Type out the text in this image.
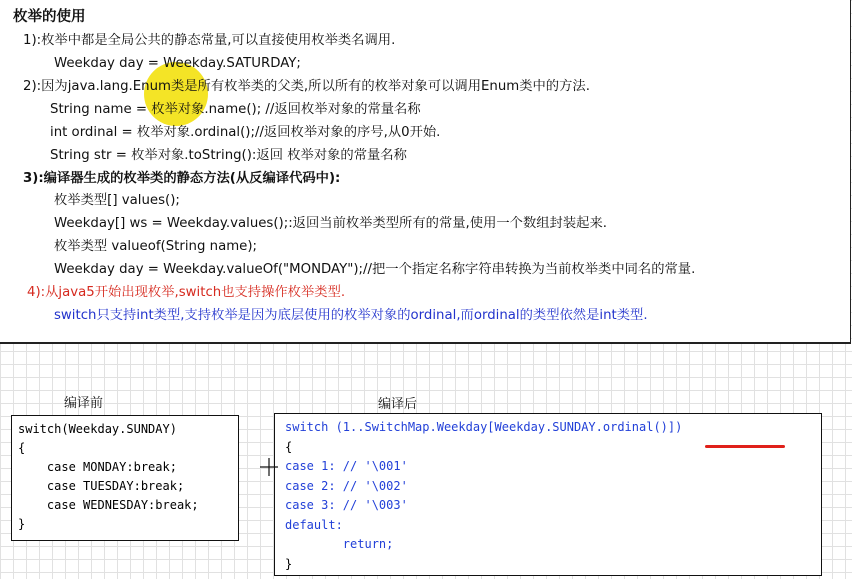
枚举的使用
1):枚举中都是全局公共的静态常量,可以直接使用枚举类名调用.
Weekday day = Weekday.SATURDAY;
2):因为java.lang.Enum类是所有枚举类的父类,所以所有的枚举对象可以调用Enum类中的方法.
String name = 枚举对象.name(); //返回枚举对象的常量名称
int ordinal = 枚举对象.ordinal();//返回枚举对象的序号,从0开始.
String str = 枚举对象.toString():返回 枚举对象的常量名称
3):编译器生成的枚举类的静态方法(从反编译代码中):
枚举类型[] values();
Weekday[] ws = Weekday.values();:返回当前枚举类型所有的常量,使用一个数组封装起来.
枚举类型 valueof(String name);
Weekday day = Weekday.valueOf("MONDAY");//把一个指定名称字符串转换为当前枚举类中同名的常量.
4):从java5开始出现枚举,switch也支持操作枚举类型.
switch只支持int类型,支持枚举是因为底层使用的枚举对象的ordinal,而ordinal的类型依然是int类型.
编译前	编译后
switch(Weekday.SUNDAY)
{
case MONDAY:break;
case TUESDAY:break;
case WEDNESDAY:break;
}
switch (1..SwitchMap.Weekday[Weekday.SUNDAY.ordinal()])
{
case 1: // '\001'
case 2: // '\002'
case 3: // '\003'
default:
return;
}
